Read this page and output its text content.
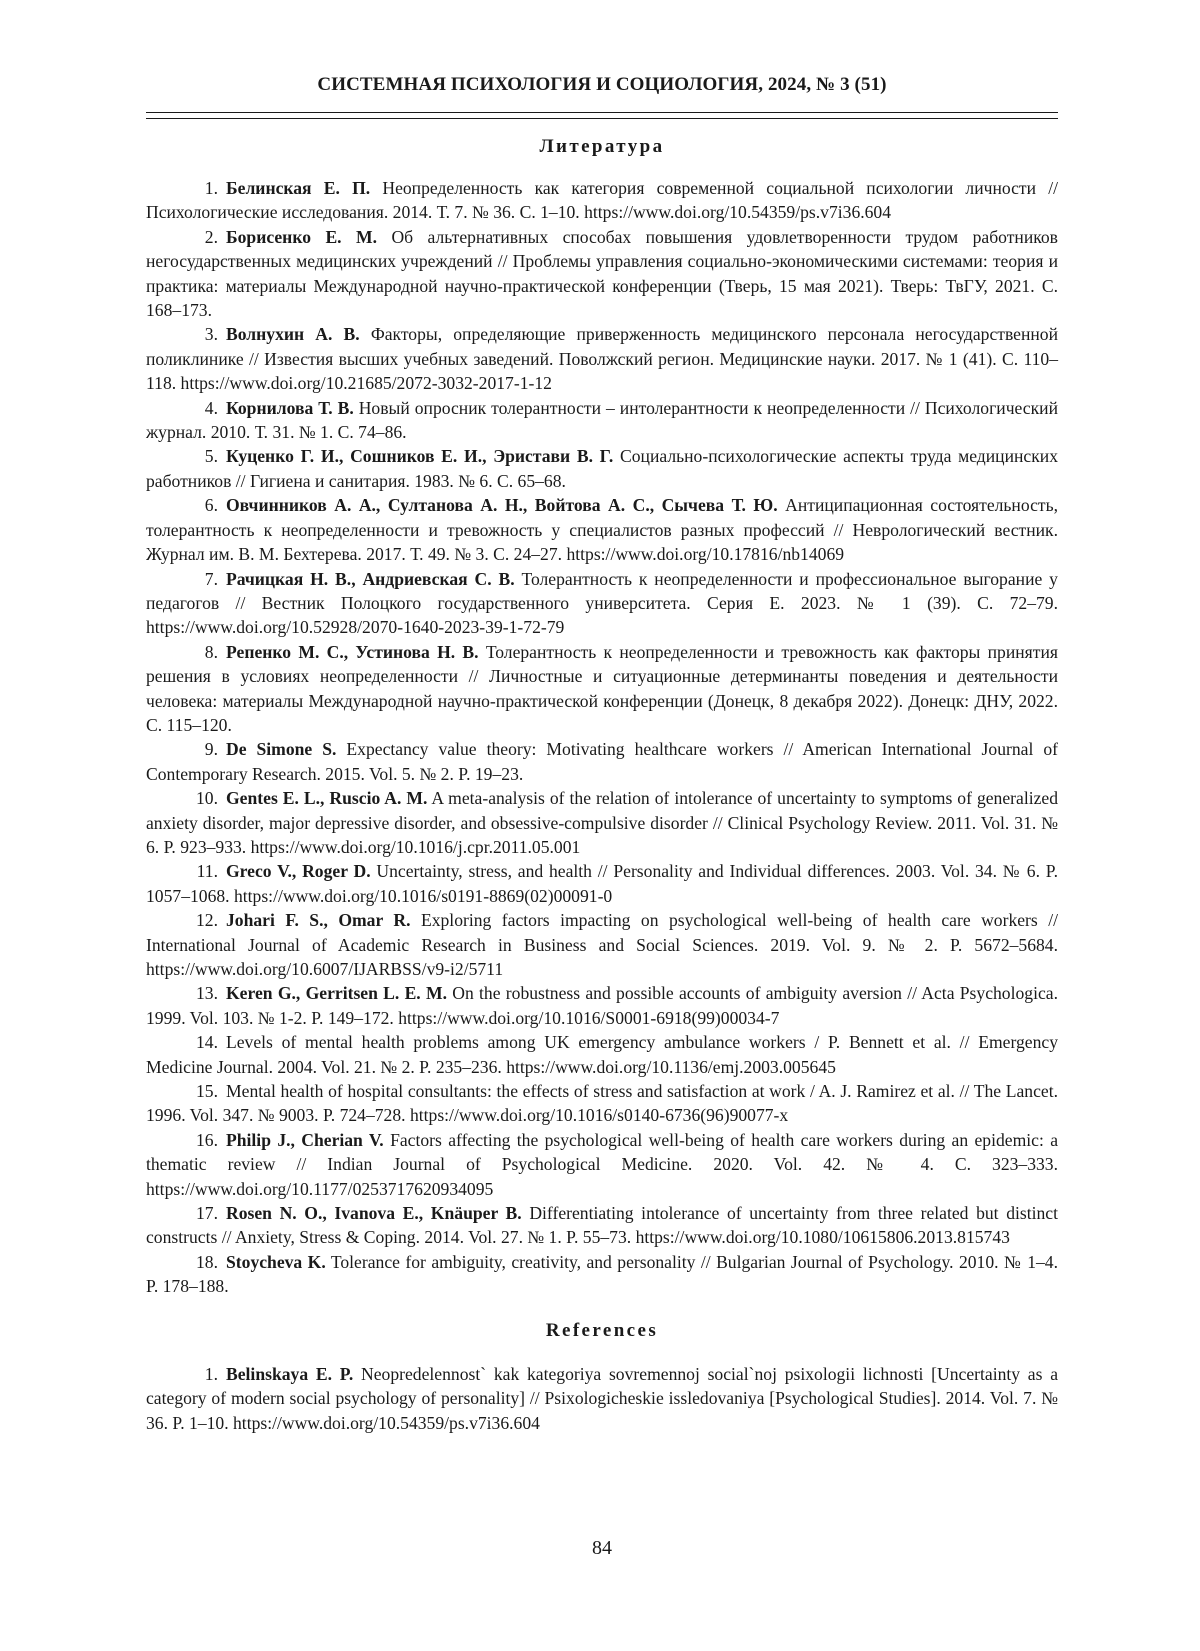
СИСТЕМНАЯ ПСИХОЛОГИЯ И СОЦИОЛОГИЯ, 2024, № 3 (51)
Литература

1. Белинская Е. П. Неопределенность как категория современной социальной психологии личности // Психологические исследования. 2014. Т. 7. № 36. С. 1–10. https://www.doi.org/10.54359/ps.v7i36.604

2. Борисенко Е. М. Об альтернативных способах повышения удовлетворенности трудом работников негосударственных медицинских учреждений // Проблемы управления социально-экономическими системами: теория и практика: материалы Международной научно-практической конференции (Тверь, 15 мая 2021). Тверь: ТвГУ, 2021. С. 168–173.

3. Волнухин А. В. Факторы, определяющие приверженность медицинского персонала негосударственной поликлинике // Известия высших учебных заведений. Поволжский регион. Медицинские науки. 2017. № 1 (41). С. 110–118. https://www.doi.org/10.21685/2072-3032-2017-1-12

4. Корнилова Т. В. Новый опросник толерантности – интолерантности к неопределенности // Психологический журнал. 2010. Т. 31. № 1. С. 74–86.

5. Куценко Г. И., Сошников Е. И., Эристави В. Г. Социально-психологические аспекты труда медицинских работников // Гигиена и санитария. 1983. № 6. С. 65–68.

6. Овчинников А. А., Султанова А. Н., Войтова А. С., Сычева Т. Ю. Антиципационная состоятельность, толерантность к неопределенности и тревожность у специалистов разных профессий // Неврологический вестник. Журнал им. В. М. Бехтерева. 2017. Т. 49. № 3. С. 24–27. https://www.doi.org/10.17816/nb14069

7. Рачицкая Н. В., Андриевская С. В. Толерантность к неопределенности и профессиональное выгорание у педагогов // Вестник Полоцкого государственного университета. Серия Е. 2023. № 1 (39). С. 72–79. https://www.doi.org/10.52928/2070-1640-2023-39-1-72-79

8. Репенко М. С., Устинова Н. В. Толерантность к неопределенности и тревожность как факторы принятия решения в условиях неопределенности // Личностные и ситуационные детерминанты поведения и деятельности человека: материалы Международной научно-практической конференции (Донецк, 8 декабря 2022). Донецк: ДНУ, 2022. С. 115–120.

9. De Simone S. Expectancy value theory: Motivating healthcare workers // American International Journal of Contemporary Research. 2015. Vol. 5. № 2. P. 19–23.

10. Gentes E. L., Ruscio A. M. A meta-analysis of the relation of intolerance of uncertainty to symptoms of generalized anxiety disorder, major depressive disorder, and obsessive-compulsive disorder // Clinical Psychology Review. 2011. Vol. 31. № 6. P. 923–933. https://www.doi.org/10.1016/j.cpr.2011.05.001

11. Greco V., Roger D. Uncertainty, stress, and health // Personality and Individual differences. 2003. Vol. 34. № 6. P. 1057–1068. https://www.doi.org/10.1016/s0191-8869(02)00091-0

12. Johari F. S., Omar R. Exploring factors impacting on psychological well-being of health care workers // International Journal of Academic Research in Business and Social Sciences. 2019. Vol. 9. № 2. P. 5672–5684. https://www.doi.org/10.6007/IJARBSS/v9-i2/5711

13. Keren G., Gerritsen L. E. M. On the robustness and possible accounts of ambiguity aversion // Acta Psychologica. 1999. Vol. 103. № 1-2. P. 149–172. https://www.doi.org/10.1016/S0001-6918(99)00034-7

14. Levels of mental health problems among UK emergency ambulance workers / P. Bennett et al. // Emergency Medicine Journal. 2004. Vol. 21. № 2. P. 235–236. https://www.doi.org/10.1136/emj.2003.005645

15. Mental health of hospital consultants: the effects of stress and satisfaction at work / A. J. Ramirez et al. // The Lancet. 1996. Vol. 347. № 9003. P. 724–728. https://www.doi.org/10.1016/s0140-6736(96)90077-x

16. Philip J., Cherian V. Factors affecting the psychological well-being of health care workers during an epidemic: a thematic review // Indian Journal of Psychological Medicine. 2020. Vol. 42. № 4. C. 323–333. https://www.doi.org/10.1177/0253717620934095

17. Rosen N. O., Ivanova E., Knäuper B. Differentiating intolerance of uncertainty from three related but distinct constructs // Anxiety, Stress & Coping. 2014. Vol. 27. № 1. P. 55–73. https://www.doi.org/10.1080/10615806.2013.815743

18. Stoycheva K. Tolerance for ambiguity, creativity, and personality // Bulgarian Journal of Psychology. 2010. № 1–4. P. 178–188.

References

1. Belinskaya E. P. Neopredelennost` kak kategoriya sovremennoj social`noj psixologii lichnosti [Uncertainty as a category of modern social psychology of personality] // Psixologicheskie issledovaniya [Psychological Studies]. 2014. Vol. 7. № 36. P. 1–10. https://www.doi.org/10.54359/ps.v7i36.604

84
